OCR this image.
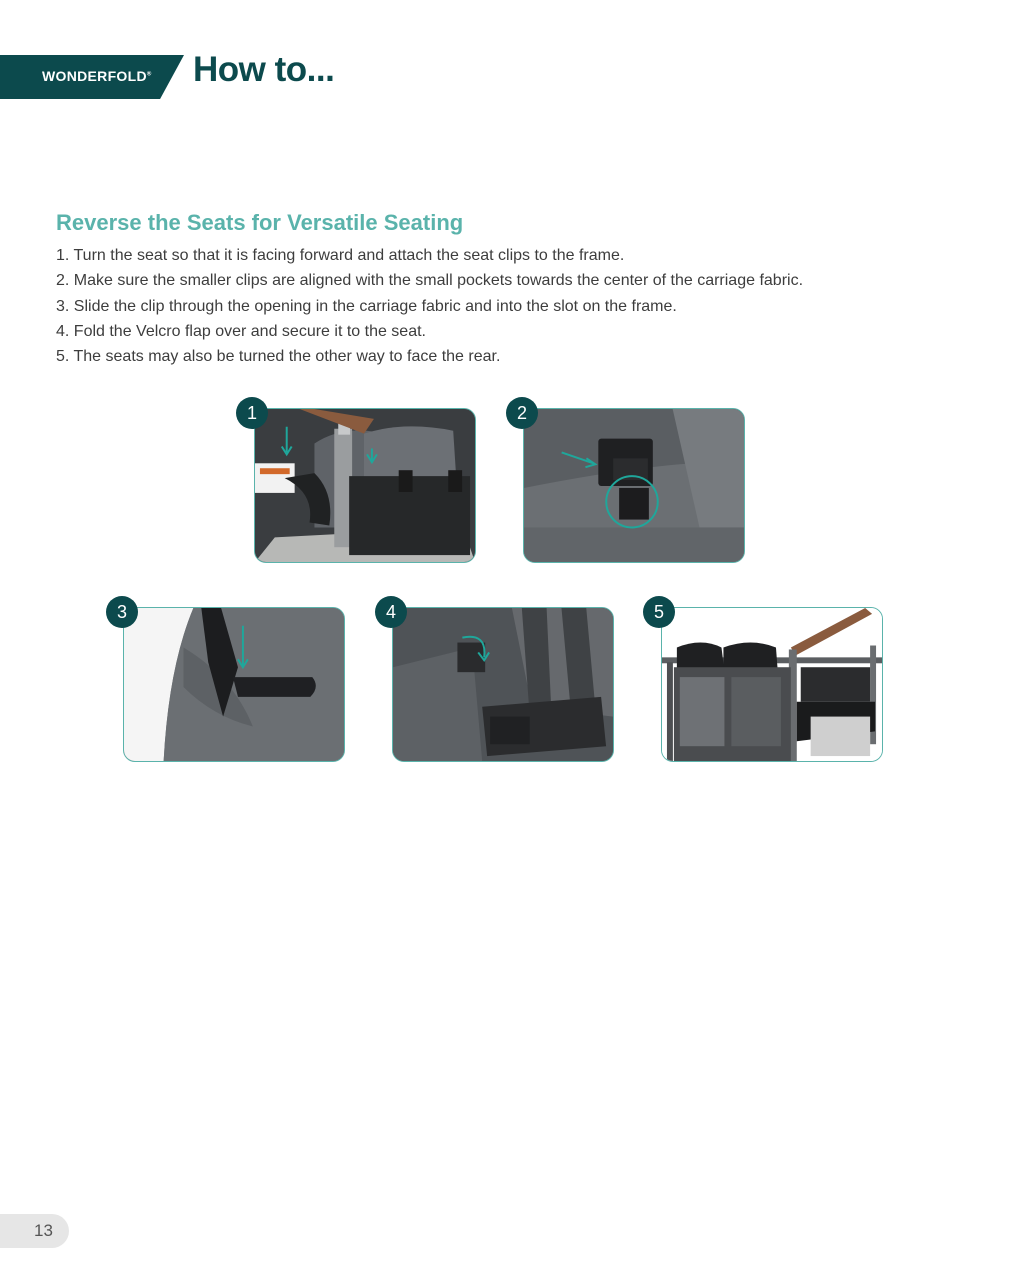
WONDERFOLD® How to...
Reverse the Seats for Versatile Seating
1. Turn the seat so that it is facing forward and attach the seat clips to the frame.
2. Make sure the smaller clips are aligned with the small pockets towards the center of the carriage fabric.
3. Slide the clip through the opening in the carriage fabric and into the slot on the frame.
4. Fold the Velcro flap over and secure it to the seat.
5. The seats may also be turned the other way to face the rear.
1	2
3	4	5
13
